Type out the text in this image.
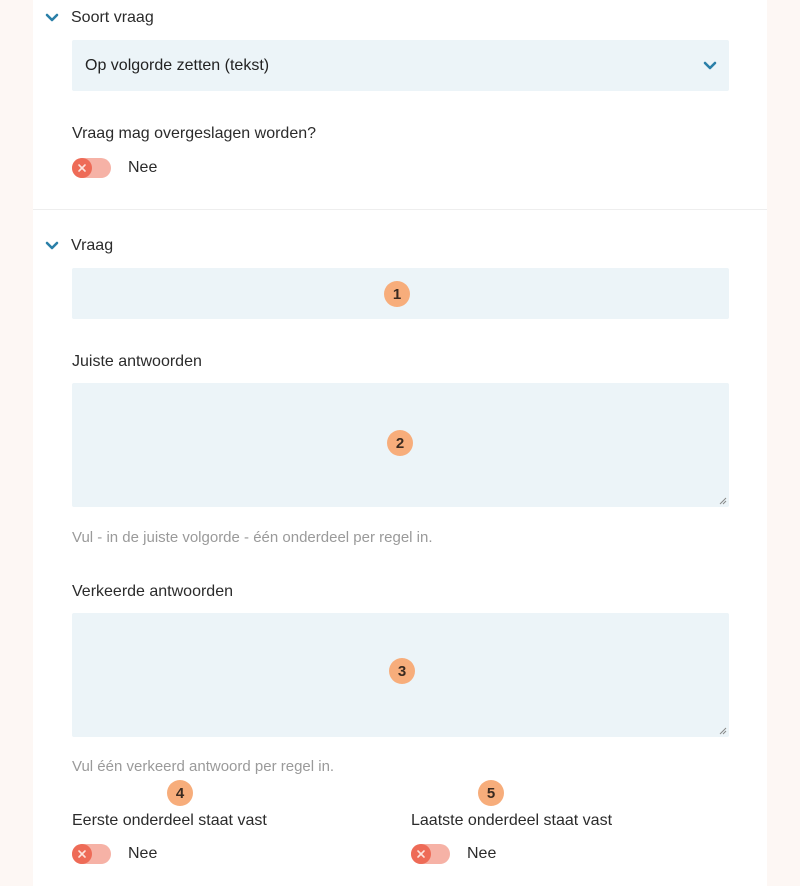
Soort vraag
Op volgorde zetten (tekst)
Vraag mag overgeslagen worden?
Nee
Vraag
1
Juiste antwoorden
2
Vul - in de juiste volgorde - één onderdeel per regel in.
Verkeerde antwoorden
3
Vul één verkeerd antwoord per regel in.
4	5
Eerste onderdeel staat vast	Laatste onderdeel staat vast
Nee	Nee
